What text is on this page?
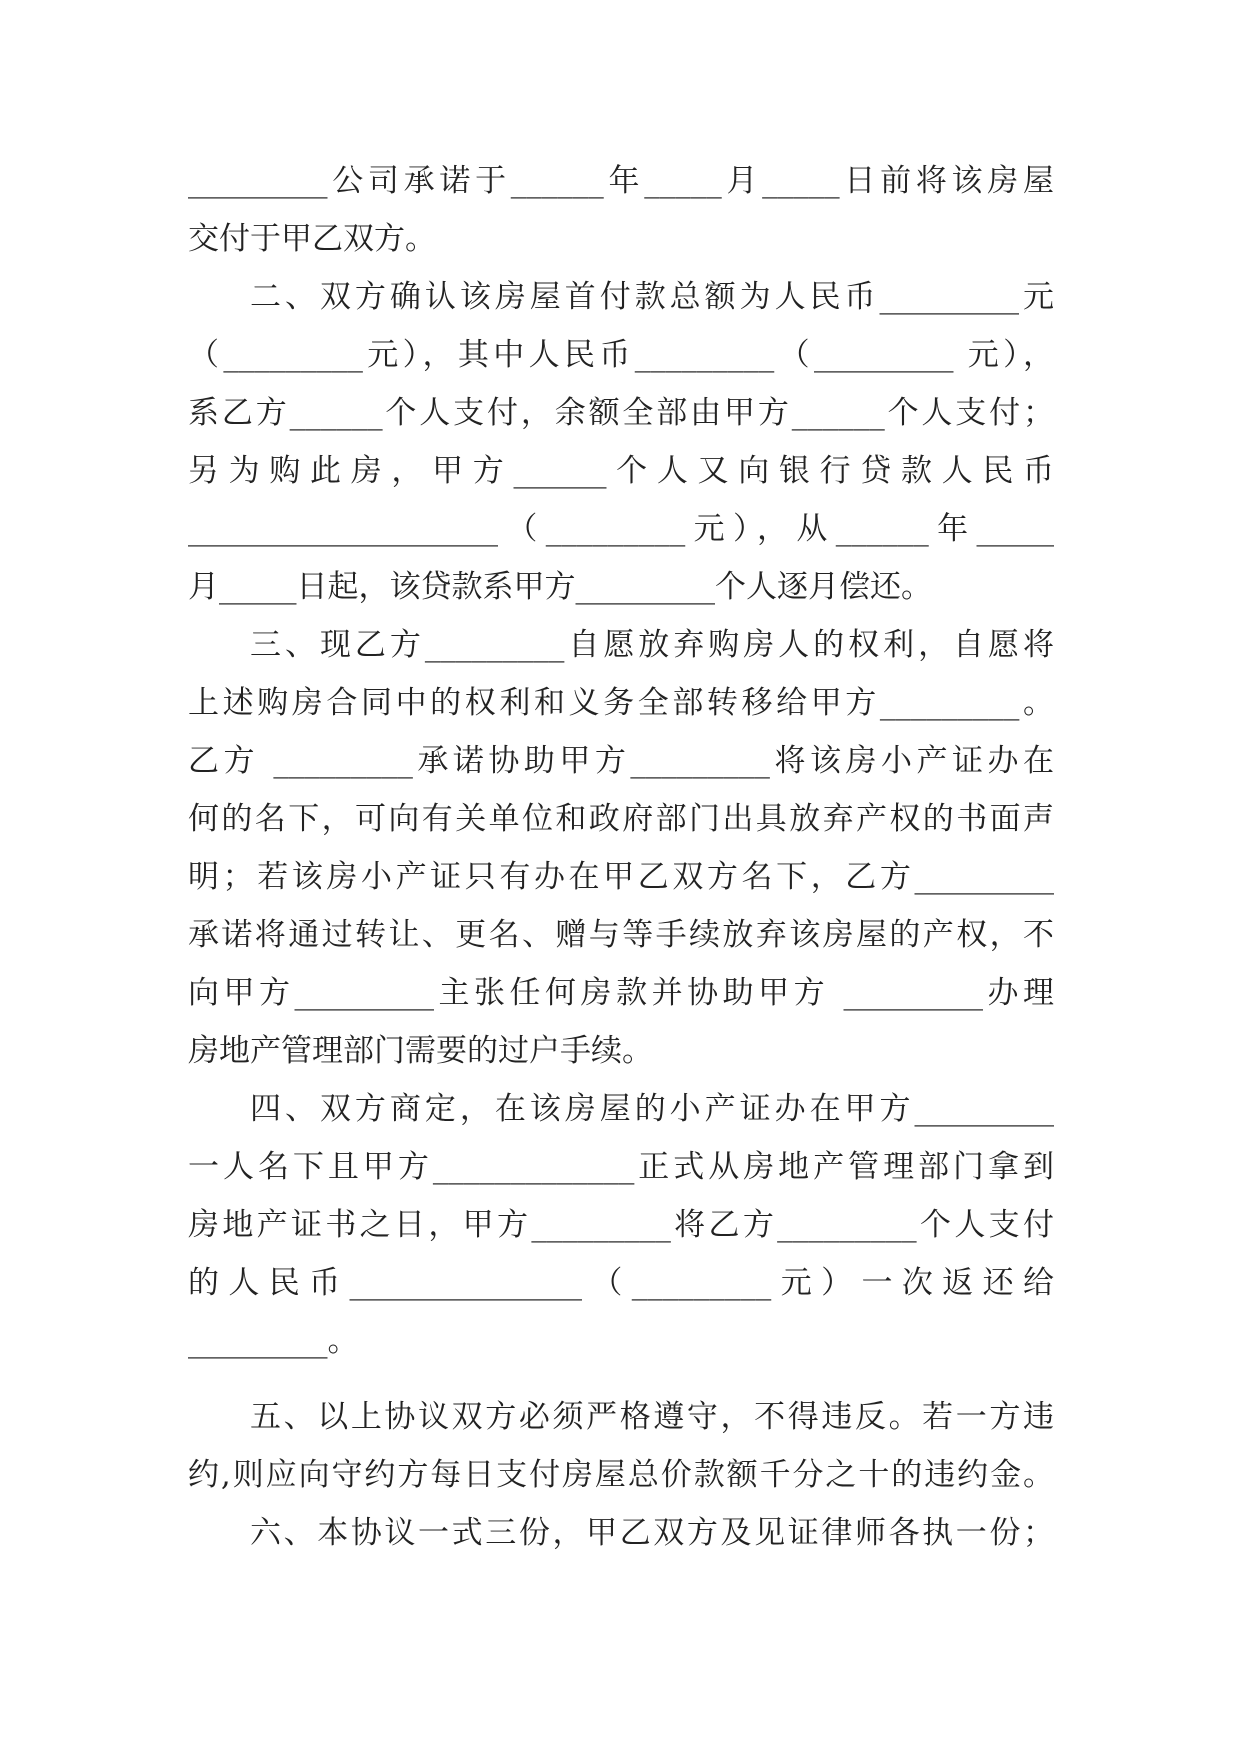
_________公司承诺于______年_____月_____日前将该房屋
交付于甲乙双方。
二、双方确认该房屋首付款总额为人民币_________元
（_________元），其中人民币_________（_________ 元），
系乙方______个人支付，余额全部由甲方______个人支付；
另为购此房，甲方______个人又向银行贷款人民币
____________________（_________元），从______年_____
月_____日起，该贷款系甲方_________个人逐月偿还。
三、现乙方_________自愿放弃购房人的权利，自愿将
上述购房合同中的权利和义务全部转移给甲方_________。
乙方 _________承诺协助甲方_________将该房小产证办在
何的名下，可向有关单位和政府部门出具放弃产权的书面声
明；若该房小产证只有办在甲乙双方名下，乙方_________
承诺将通过转让、更名、赠与等手续放弃该房屋的产权，不
向甲方_________主张任何房款并协助甲方 _________办理
房地产管理部门需要的过户手续。
四、双方商定，在该房屋的小产证办在甲方_________
一人名下且甲方_____________正式从房地产管理部门拿到
房地产证书之日，甲方_________将乙方_________个人支付
的人民币_______________（_________元）一次返还给
_________。
五、以上协议双方必须严格遵守，不得违反。若一方违
约,则应向守约方每日支付房屋总价款额千分之十的违约金。
六、本协议一式三份，甲乙双方及见证律师各执一份；
